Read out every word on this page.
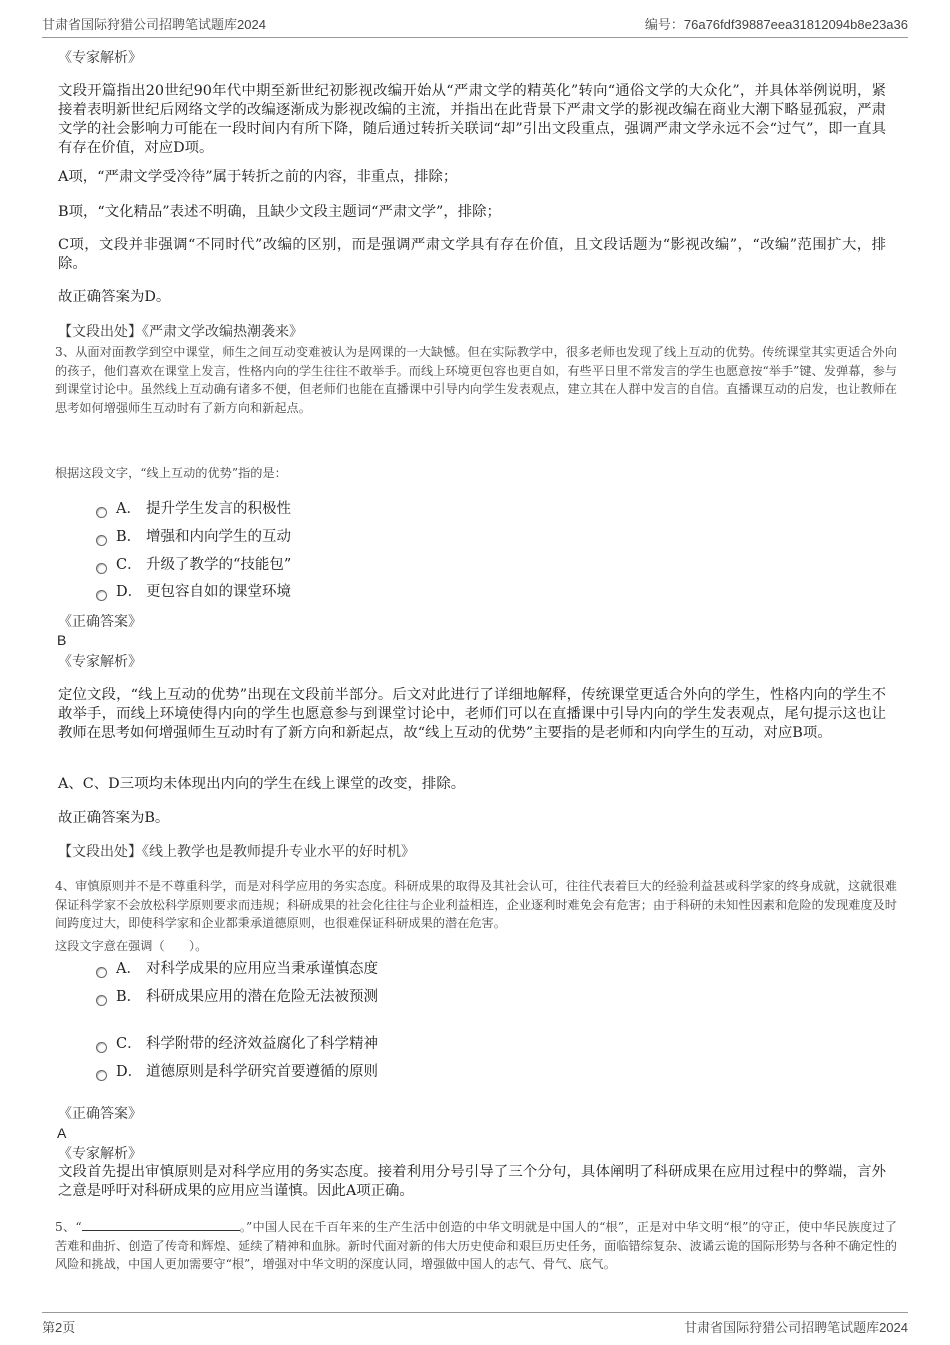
甘肃省国际狩猎公司招聘笔试题库2024	编号：76a76fdf39887eea31812094b8e23a36
《专家解析》
文段开篇指出20世纪90年代中期至新世纪初影视改编开始从“严肃文学的精英化”转向“通俗文学的大众化”，并具体举例说明，紧接着表明新世纪后网络文学的改编逐渐成为影视改编的主流，并指出在此背景下严肃文学的影视改编在商业大潮下略显孤寂，严肃文学的社会影响力可能在一段时间内有所下降，随后通过转折关联词“却”引出文段重点，强调严肃文学永远不会“过气”，即一直具有存在价值，对应D项。
A项，“严肃文学受冷待”属于转折之前的内容，非重点，排除；
B项，“文化精品”表述不明确，且缺少文段主题词“严肃文学”，排除；
C项，文段并非强调“不同时代”改编的区别，而是强调严肃文学具有存在价值，且文段话题为“影视改编”，“改编”范围扩大，排除。
故正确答案为D。
【文段出处】《严肃文学改编热潮袭来》
3、从面对面教学到空中课堂，师生之间互动变难被认为是网课的一大缺憾。但在实际教学中，很多老师也发现了线上互动的优势。传统课堂其实更适合外向的孩子，他们喜欢在课堂上发言，性格内向的学生往往不敢举手。而线上环境更包容也更自如，有些平日里不常发言的学生也愿意按“举手”键、发弹幕，参与到课堂讨论中。虽然线上互动确有诸多不便，但老师们也能在直播课中引导内向学生发表观点，建立其在人群中发言的自信。直播课互动的启发，也让教师在思考如何增强师生互动时有了新方向和新起点。
根据这段文字，“线上互动的优势”指的是：
A． 提升学生发言的积极性
B． 增强和内向学生的互动
C． 升级了教学的“技能包”
D． 更包容自如的课堂环境
《正确答案》
B
《专家解析》
定位文段，“线上互动的优势”出现在文段前半部分。后文对此进行了详细地解释，传统课堂更适合外向的学生，性格内向的学生不敢举手，而线上环境使得内向的学生也愿意参与到课堂讨论中，老师们可以在直播课中引导内向的学生发表观点，尾句提示这也让教师在思考如何增强师生互动时有了新方向和新起点，故“线上互动的优势”主要指的是老师和内向学生的互动，对应B项。
A、C、D三项均未体现出内向的学生在线上课堂的改变，排除。
故正确答案为B。
【文段出处】《线上教学也是教师提升专业水平的好时机》
4、审慎原则并不是不尊重科学，而是对科学应用的务实态度。科研成果的取得及其社会认可，往往代表着巨大的经验利益甚或科学家的终身成就，这就很难保证科学家不会放松科学原则要求而违规；科研成果的社会化往往与企业利益相连，企业逐利时难免会有危害；由于科研的未知性因素和危险的发现难度及时间跨度过大，即使科学家和企业都秉承道德原则，也很难保证科研成果的潜在危害。
这段文字意在强调（　　）。
A． 对科学成果的应用应当秉承谨慎态度
B． 科研成果应用的潜在危险无法被预测
C． 科学附带的经济效益腐化了科学精神
D． 道德原则是科学研究首要遵循的原则
《正确答案》
A
《专家解析》
文段首先提出审慎原则是对科学应用的务实态度。接着利用分号引导了三个分句，具体阐明了科研成果在应用过程中的弊端，言外之意是呼吁对科研成果的应用应当谨慎。因此A项正确。
5、“	。”中国人民在千百年来的生产生活中创造的中华文明就是中国人的“根”，正是对中华文明“根”的守正，使中华民族度过了苦难和曲折、创造了传奇和辉煌、延续了精神和血脉。新时代面对新的伟大历史使命和艰巨历史任务，面临错综复杂、波谲云诡的国际形势与各种不确定性的风险和挑战，中国人更加需要守“根”，增强对中华文明的深度认同，增强做中国人的志气、骨气、底气。
第2页	甘肃省国际狩猎公司招聘笔试题库2024
